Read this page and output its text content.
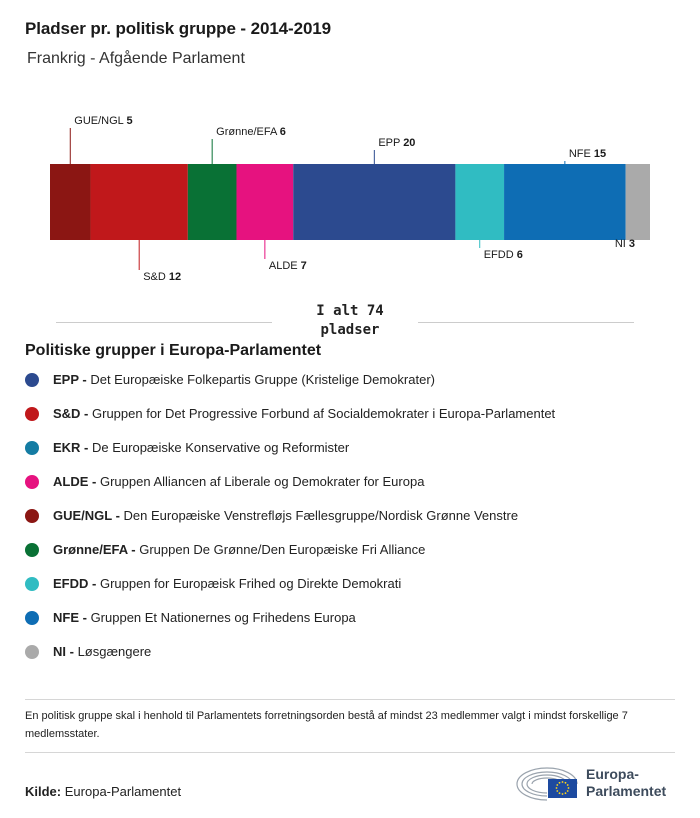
Pladser pr. politisk gruppe - 2014-2019
Frankrig - Afgående Parlament
GUE/NGL 5
S&D 12
Grønne/EFA 6
ALDE 7
EPP 20
EFDD 6
NFE 15
NI 3
I alt 74 pladser
Politiske grupper i Europa-Parlamentet
EPP - Det Europæiske Folkepartis Gruppe (Kristelige Demokrater)
S&D - Gruppen for Det Progressive Forbund af Socialdemokrater i Europa-Parlamentet
EKR - De Europæiske Konservative og Reformister
ALDE - Gruppen Alliancen af Liberale og Demokrater for Europa
GUE/NGL - Den Europæiske Venstrefløjs Fællesgruppe/Nordisk Grønne Venstre
Grønne/EFA - Gruppen De Grønne/Den Europæiske Fri Alliance
EFDD - Gruppen for Europæisk Frihed og Direkte Demokrati
NFE - Gruppen Et Nationernes og Frihedens Europa
NI - Løsgængere
En politisk gruppe skal i henhold til Parlamentets forretningsorden bestå af mindst 23 medlemmer valgt i mindst forskellige 7 medlemsstater.
Kilde: Europa-Parlamentet
Europa-
Parlamentet
